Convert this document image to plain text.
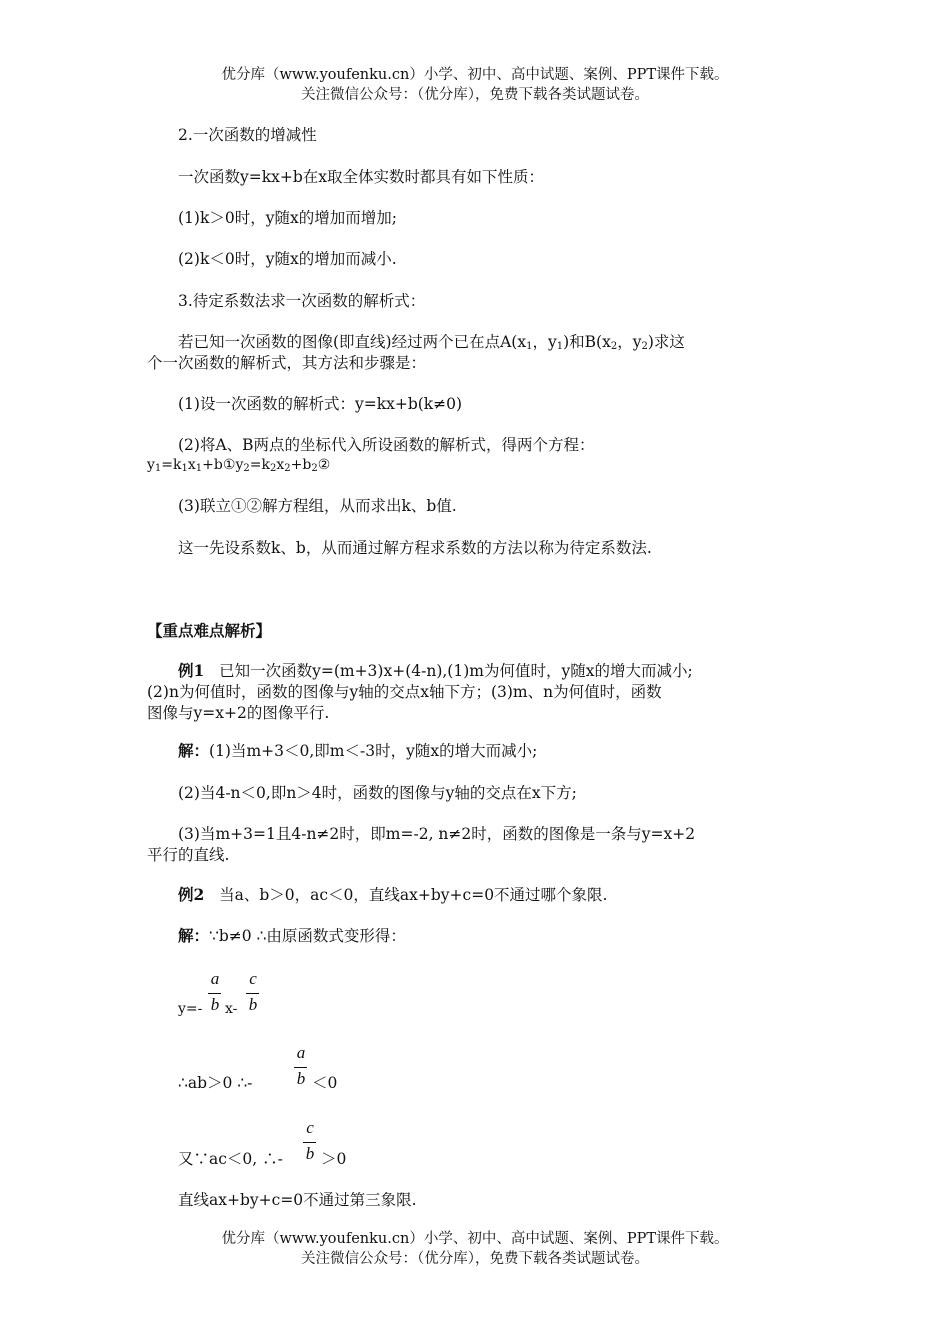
优分库（www.youfenku.cn）小学、初中、高中试题、案例、PPT课件下载。
关注微信公众号：（优分库），免费下载各类试题试卷。
2.一次函数的增减性
一次函数y=kx+b在x取全体实数时都具有如下性质：
(1)k＞0时，y随x的增加而增加;
(2)k＜0时，y随x的增加而减小.
3.待定系数法求一次函数的解析式：
若已知一次函数的图像(即直线)经过两个已在点$A(x_1$，$y_1$)和$B(x_2$，$y_2$)求这
个一次函数的解析式，其方法和步骤是：
(1)设一次函数的解析式：y=kx+b(k≠0)
(2)将A、B两点的坐标代入所设函数的解析式，得两个方程：
$y_1=k_1x_1+b①y_2=k_2x_2+b_2②$
(3)联立①②解方程组，从而求出k、b值.
这一先设系数k、b，从而通过解方程求系数的方法以称为待定系数法.
【重点难点解析】
例1 已知一次函数y=(m+3)x+(4-n),(1)m为何值时，y随x的增大而减小;
(2)n为何值时，函数的图像与y轴的交点x轴下方；(3)m、n为何值时，函数
图像与y=x+2的图像平行.
解：(1)当m+3＜0,即m＜-3时，y随x的增大而减小;
(2)当4-n＜0,即n＞4时，函数的图像与y轴的交点在x下方;
(3)当m+3=1且4-n≠2时，即m=-2, n≠2时，函数的图像是一条与y=x+2
平行的直线.
例2 当a、b＞0，ac＜0，直线ax+by+c=0不通过哪个象限.
解：∵b≠0 ∴由原函数式变形得：
y=-
a
b x-
c
b
∴ab＞0 ∴-
a
b ＜0
又∵ac＜0, ∴-
c
b ＞0
直线ax+by+c=0不通过第三象限.
优分库（www.youfenku.cn）小学、初中、高中试题、案例、PPT课件下载。
关注微信公众号：（优分库），免费下载各类试题试卷。
